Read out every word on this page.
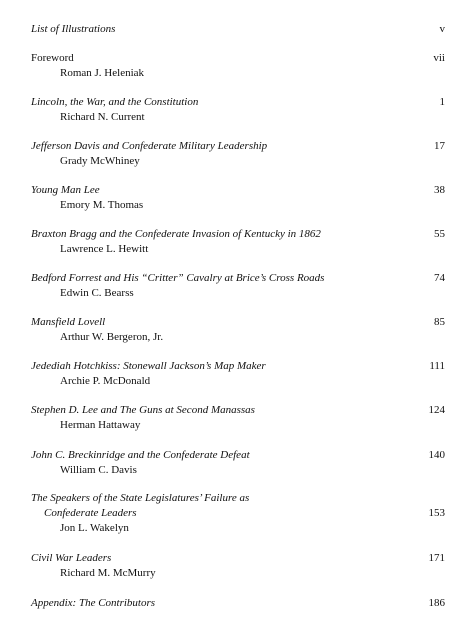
List of Illustrations	v
Foreword
Roman J. Heleniak
vii
Lincoln, the War, and the Constitution
Richard N. Current
1
Jefferson Davis and Confederate Military Leadership
Grady McWhiney
17
Young Man Lee
Emory M. Thomas
38
Braxton Bragg and the Confederate Invasion of Kentucky in 1862
Lawrence L. Hewitt
55
Bedford Forrest and His “Critter” Cavalry at Brice’s Cross Roads
Edwin C. Bearss
74
Mansfield Lovell
Arthur W. Bergeron, Jr.
85
Jedediah Hotchkiss: Stonewall Jackson’s Map Maker
Archie P. McDonald
111
Stephen D. Lee and The Guns at Second Manassas
Herman Hattaway
124
John C. Breckinridge and the Confederate Defeat
William C. Davis
140
The Speakers of the State Legislatures’ Failure as
Confederate Leaders
Jon L. Wakelyn
153
Civil War Leaders
Richard M. McMurry
171
Appendix: The Contributors	186
